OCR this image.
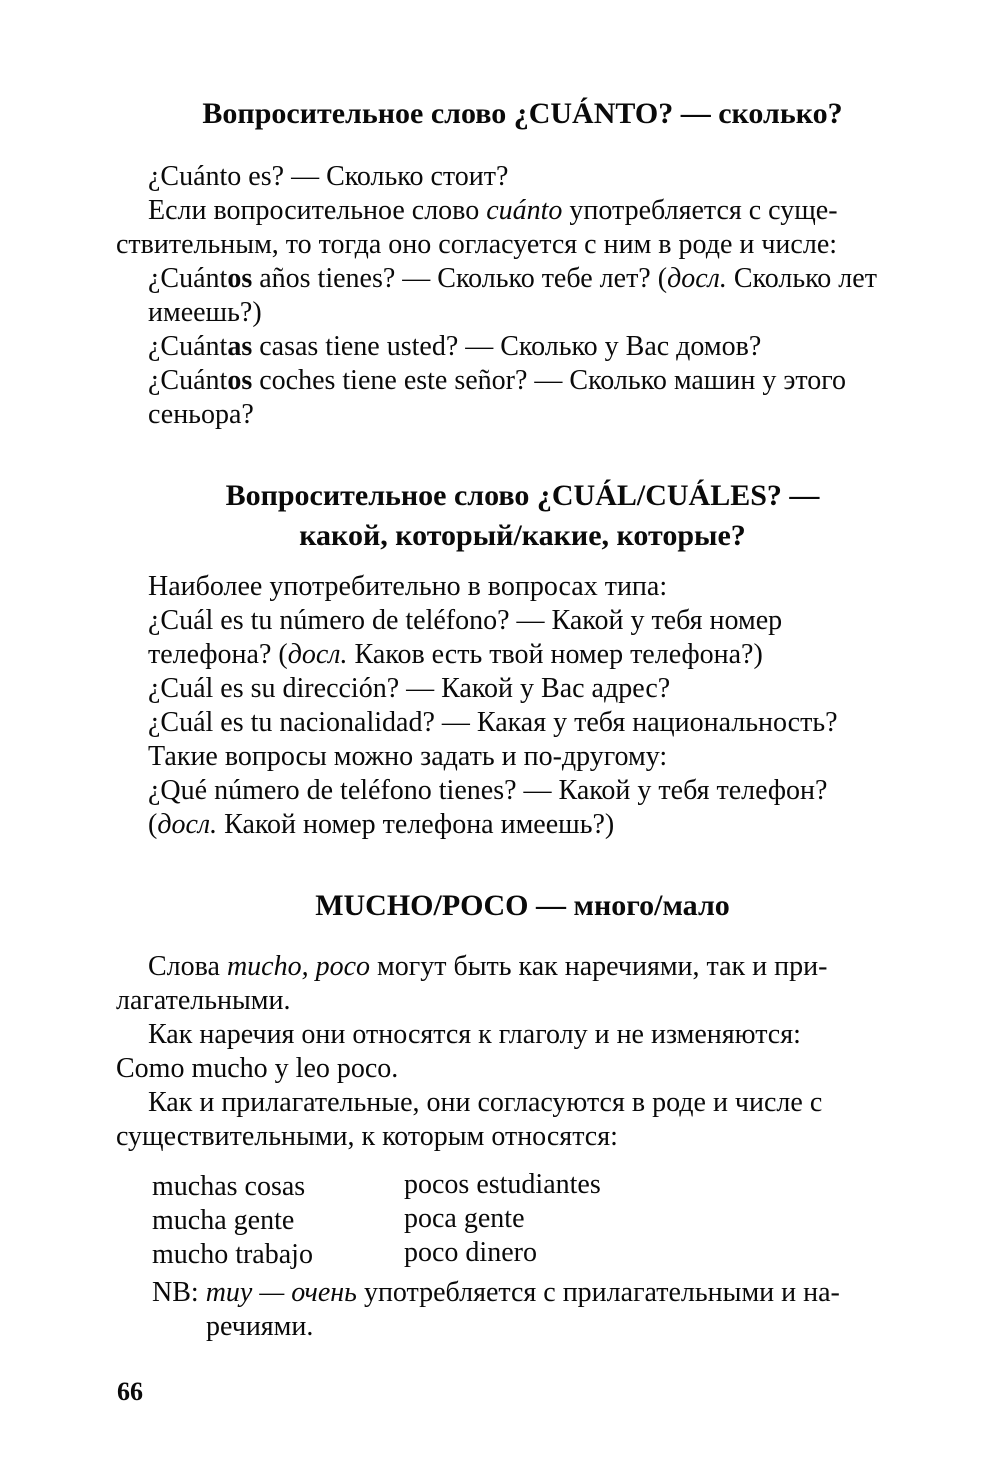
Вопросительное слово ¿CUÁNTO? — сколько?
¿Cuánto es? — Сколько стоит?
Если вопросительное слово cuánto употребляется с суще-
ствительным, то тогда оно согласуется с ним в роде и числе:
¿Cuántos años tienes? — Сколько тебе лет? (досл. Сколько лет
имеешь?)
¿Cuántas casas tiene usted? — Сколько у Вас домов?
¿Cuántos coches tiene este señor? — Сколько машин у этого
сеньора?
Вопросительное слово ¿CUÁL/CUÁLES? —
какой, который/какие, которые?
Наиболее употребительно в вопросах типа:
¿Cuál es tu número de teléfono? — Какой у тебя номер
телефона? (досл. Каков есть твой номер телефона?)
¿Cuál es su dirección? — Какой у Вас адрес?
¿Cuál es tu nacionalidad? — Какая у тебя национальность?
Такие вопросы можно задать и по-другому:
¿Qué número de teléfono tienes? — Какой у тебя телефон?
(досл. Какой номер телефона имеешь?)
MUCHO/POCO — много/мало
Слова mucho, poco могут быть как наречиями, так и при-
лагательными.
Как наречия они относятся к глаголу и не изменяются:
Como mucho y leo poco.
Как и прилагательные, они согласуются в роде и числе с
существительными, к которым относятся:
muchas cosas
mucha gente
mucho trabajo
pocos estudiantes
poca gente
poco dinero
NB: muy — очень употребляется с прилагательными и на-
речиями.
66
